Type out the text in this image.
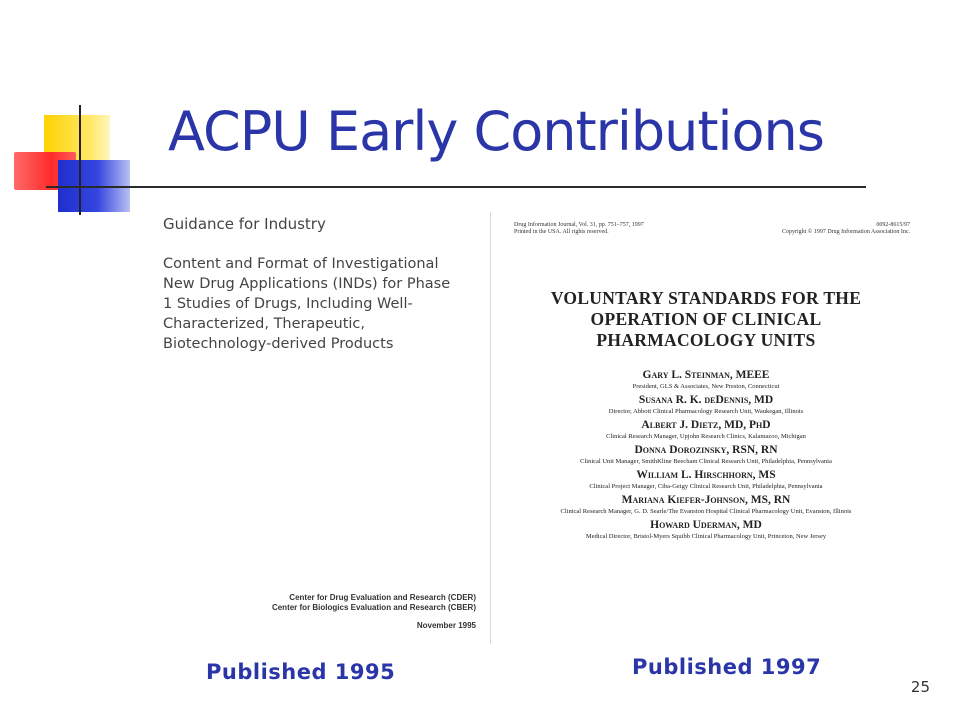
ACPU Early Contributions
Guidance for Industry
Content and Format of Investigational
New Drug Applications (INDs) for Phase
1 Studies of Drugs, Including Well-
Characterized, Therapeutic,
Biotechnology-derived Products
Center for Drug Evaluation and Research (CDER)
Center for Biologics Evaluation and Research (CBER)
November 1995
Drug Information Journal, Vol. 31, pp. 751–757, 1997
Printed in the USA. All rights reserved.
0092-8615/97
Copyright © 1997 Drug Information Association Inc.
VOLUNTARY STANDARDS FOR THE
OPERATION OF CLINICAL
PHARMACOLOGY UNITS
Gary L. Steinman, MEEE
President, GLS & Associates, New Preston, Connecticut
Susana R. K. deDennis, MD
Director, Abbott Clinical Pharmacology Research Unit, Waukegan, Illinois
Albert J. Dietz, MD, PhD
Clinical Research Manager, Upjohn Research Clinics, Kalamazoo, Michigan
Donna Dorozinsky, RSN, RN
Clinical Unit Manager, SmithKline Beecham Clinical Research Unit, Philadelphia, Pennsylvania
William L. Hirschhorn, MS
Clinical Project Manager, Ciba-Geigy Clinical Research Unit, Philadelphia, Pennsylvania
Mariana Kiefer-Johnson, MS, RN
Clinical Research Manager, G. D. Searle/The Evanston Hospital Clinical Pharmacology Unit, Evanston, Illinois
Howard Uderman, MD
Medical Director, Bristol-Myers Squibb Clinical Pharmacology Unit, Princeton, New Jersey
Published 1995	Published 1997
25
